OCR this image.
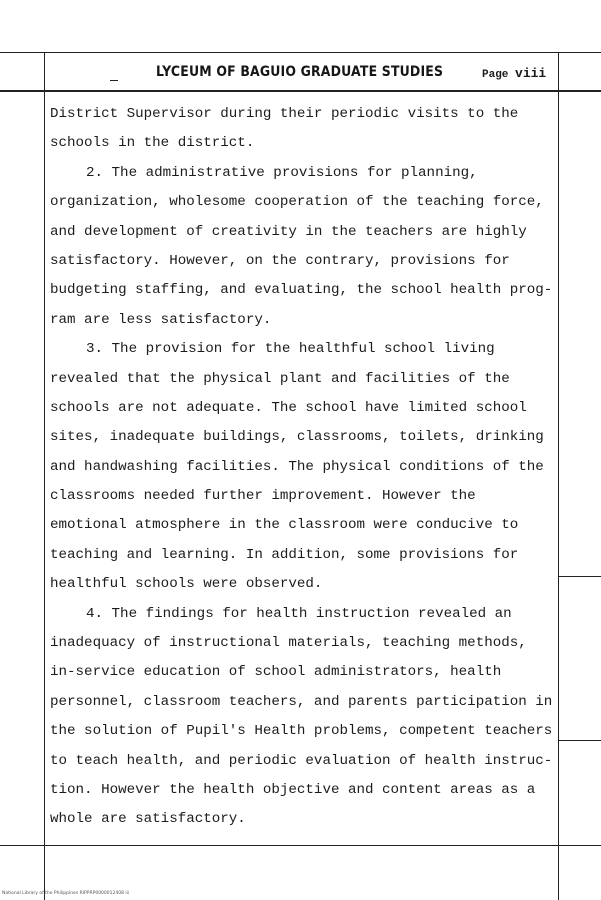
LYCEUM OF BAGUIO GRADUATE STUDIES	Page viii
District Supervisor during their periodic visits to the
schools in the district.
2. The administrative provisions for planning,
organization, wholesome cooperation of the teaching force,
and development of creativity in the teachers are highly
satisfactory. However, on the contrary, provisions for
budgeting staffing, and evaluating, the school health prog-
ram are less satisfactory.
3. The provision for the healthful school living
revealed that the physical plant and facilities of the
schools are not adequate. The school have limited school
sites, inadequate buildings, classrooms, toilets, drinking
and handwashing facilities. The physical conditions of the
classrooms needed further improvement. However the
emotional atmosphere in the classroom were conducive to
teaching and learning. In addition, some provisions for
healthful schools were observed.
4. The findings for health instruction revealed an
inadequacy of instructional materials, teaching methods,
in-service education of school administrators, health
personnel, classroom teachers, and parents participation in
the solution of Pupil's Health problems, competent teachers
to teach health, and periodic evaluation of health instruc-
tion. However the health objective and content areas as a
whole are satisfactory.
National Library of the Philippines RIPPRP0000012408 iii
